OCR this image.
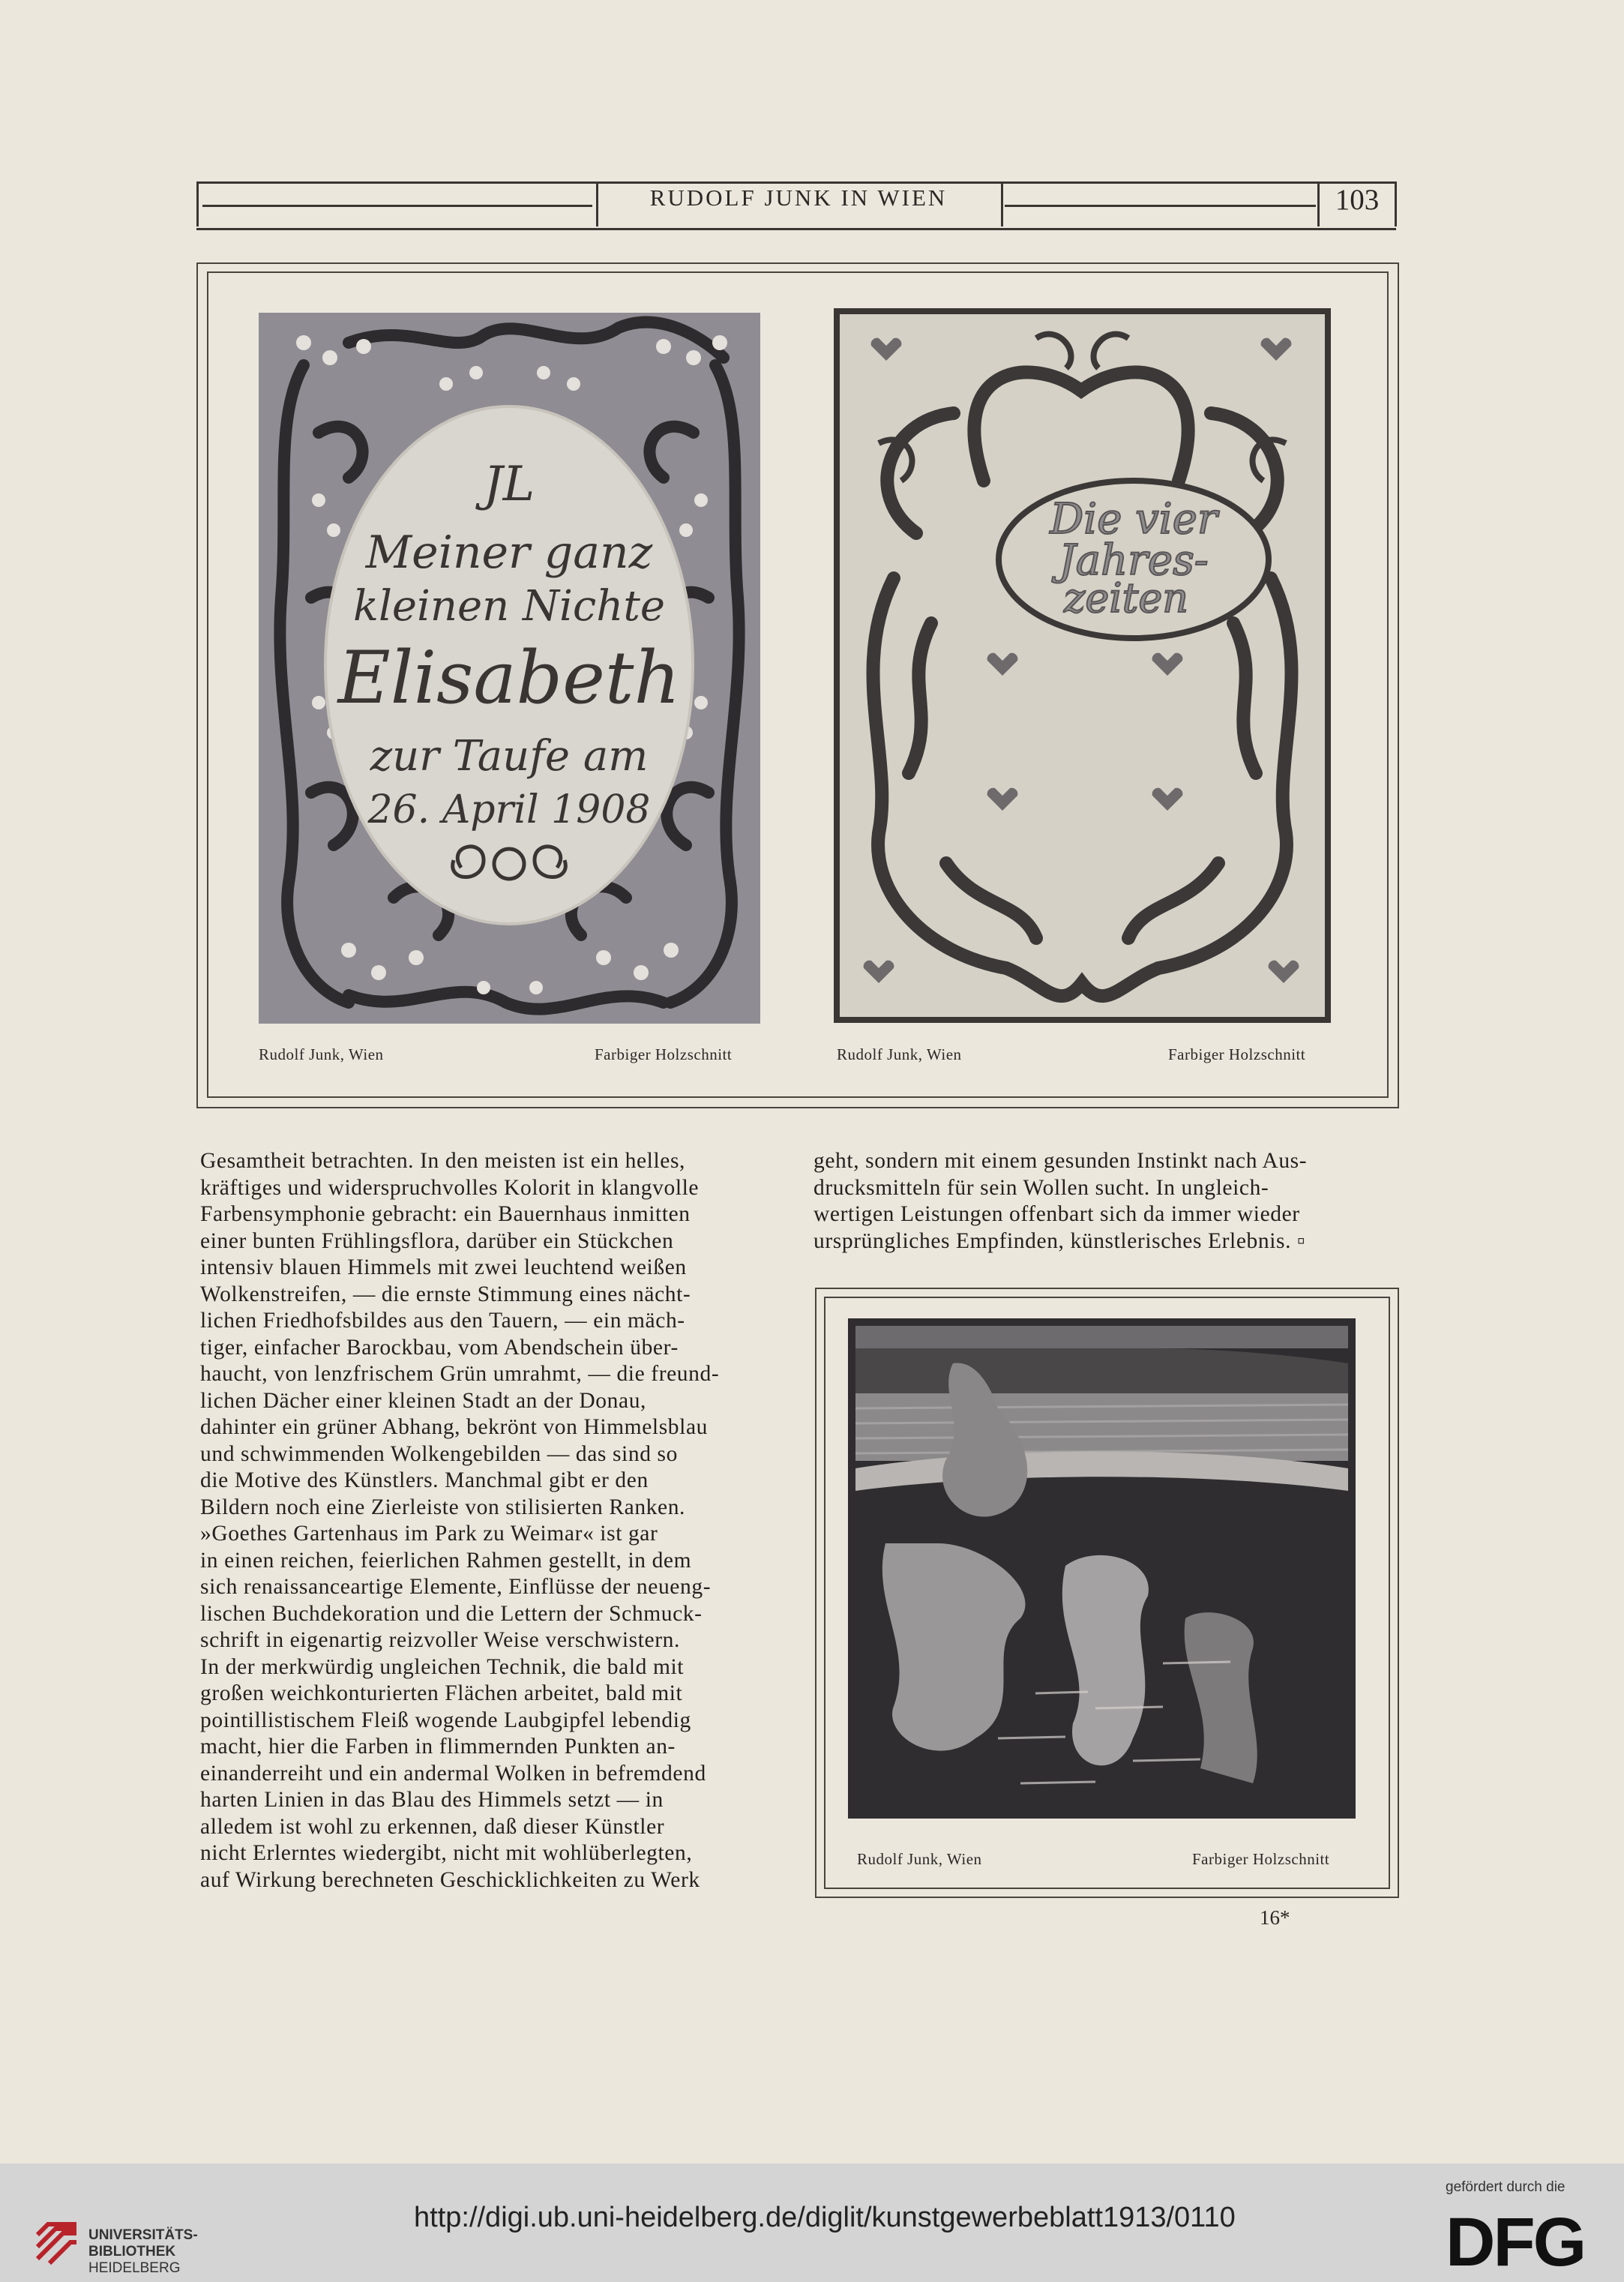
RUDOLF JUNK IN WIEN	103
JL
Meiner ganz
kleinen Nichte
Elisabeth
zur Taufe am
26. April 1908
Rudolf Junk, Wien	Farbiger Holzschnitt
Die vier
Jahres-
zeiten
Rudolf Junk, Wien	Farbiger Holzschnitt
Gesamtheit betrachten. In den meisten ist ein helles,
kräftiges und widerspruchvolles Kolorit in klangvolle
Farbensymphonie gebracht: ein Bauernhaus inmitten
einer bunten Frühlingsflora, darüber ein Stückchen
intensiv blauen Himmels mit zwei leuchtend weißen
Wolkenstreifen, — die ernste Stimmung eines nächt-
lichen Friedhofsbildes aus den Tauern, — ein mäch-
tiger, einfacher Barockbau, vom Abendschein über-
haucht, von lenzfrischem Grün umrahmt, — die freund-
lichen Dächer einer kleinen Stadt an der Donau,
dahinter ein grüner Abhang, bekrönt von Himmelsblau
und schwimmenden Wolkengebilden — das sind so
die Motive des Künstlers. Manchmal gibt er den
Bildern noch eine Zierleiste von stilisierten Ranken.
»Goethes Gartenhaus im Park zu Weimar« ist gar
in einen reichen, feierlichen Rahmen gestellt, in dem
sich renaissanceartige Elemente, Einflüsse der neueng-
lischen Buchdekoration und die Lettern der Schmuck-
schrift in eigenartig reizvoller Weise verschwistern.
In der merkwürdig ungleichen Technik, die bald mit
großen weichkonturierten Flächen arbeitet, bald mit
pointillistischem Fleiß wogende Laubgipfel lebendig
macht, hier die Farben in flimmernden Punkten an-
einanderreiht und ein andermal Wolken in befremdend
harten Linien in das Blau des Himmels setzt — in
alledem ist wohl zu erkennen, daß dieser Künstler
nicht Erlerntes wiedergibt, nicht mit wohlüberlegten,
auf Wirkung berechneten Geschicklichkeiten zu Werk
geht, sondern mit einem gesunden Instinkt nach Aus-
drucksmitteln für sein Wollen sucht. In ungleich-
wertigen Leistungen offenbart sich da immer wieder
ursprüngliches Empfinden, künstlerisches Erlebnis. ▫
Rudolf Junk, Wien	Farbiger Holzschnitt
16*
UNIVERSITÄTS-
BIBLIOTHEK
HEIDELBERG
http://digi.ub.uni-heidelberg.de/diglit/kunstgewerbeblatt1913/0110
gefördert durch die
DFG
